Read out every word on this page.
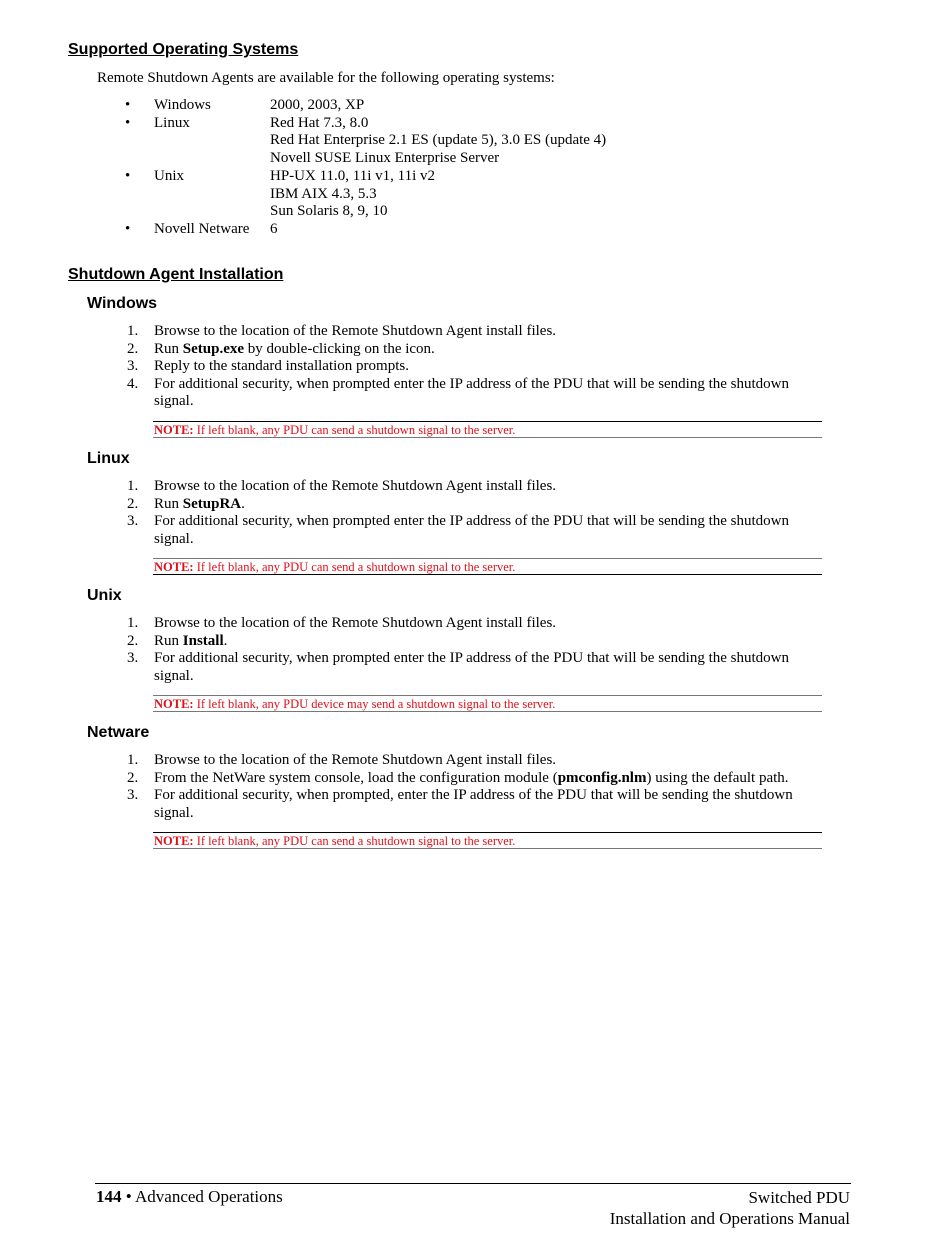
Supported Operating Systems
Remote Shutdown Agents are available for the following operating systems:
• Windows	2000, 2003, XP
• Linux	Red Hat 7.3, 8.0
Red Hat Enterprise 2.1 ES (update 5), 3.0 ES (update 4)
Novell SUSE Linux Enterprise Server
• Unix	HP-UX 11.0, 11i v1, 11i v2
IBM AIX 4.3, 5.3
Sun Solaris 8, 9, 10
• Novell Netware 6
Shutdown Agent Installation
Windows
1. Browse to the location of the Remote Shutdown Agent install files.
2. Run Setup.exe by double-clicking on the icon.
3. Reply to the standard installation prompts.
4. For additional security, when prompted enter the IP address of the PDU that will be sending the shutdown signal.
NOTE: If left blank, any PDU can send a shutdown signal to the server.
Linux
1. Browse to the location of the Remote Shutdown Agent install files.
2. Run SetupRA.
3. For additional security, when prompted enter the IP address of the PDU that will be sending the shutdown signal.
NOTE: If left blank, any PDU can send a shutdown signal to the server.
Unix
1. Browse to the location of the Remote Shutdown Agent install files.
2. Run Install.
3. For additional security, when prompted enter the IP address of the PDU that will be sending the shutdown signal.
NOTE: If left blank, any PDU device may send a shutdown signal to the server.
Netware
1. Browse to the location of the Remote Shutdown Agent install files.
2. From the NetWare system console, load the configuration module (pmconfig.nlm) using the default path.
3. For additional security, when prompted, enter the IP address of the PDU that will be sending the shutdown signal.
NOTE: If left blank, any PDU can send a shutdown signal to the server.
144 • Advanced Operations	Switched PDU
Installation and Operations Manual
